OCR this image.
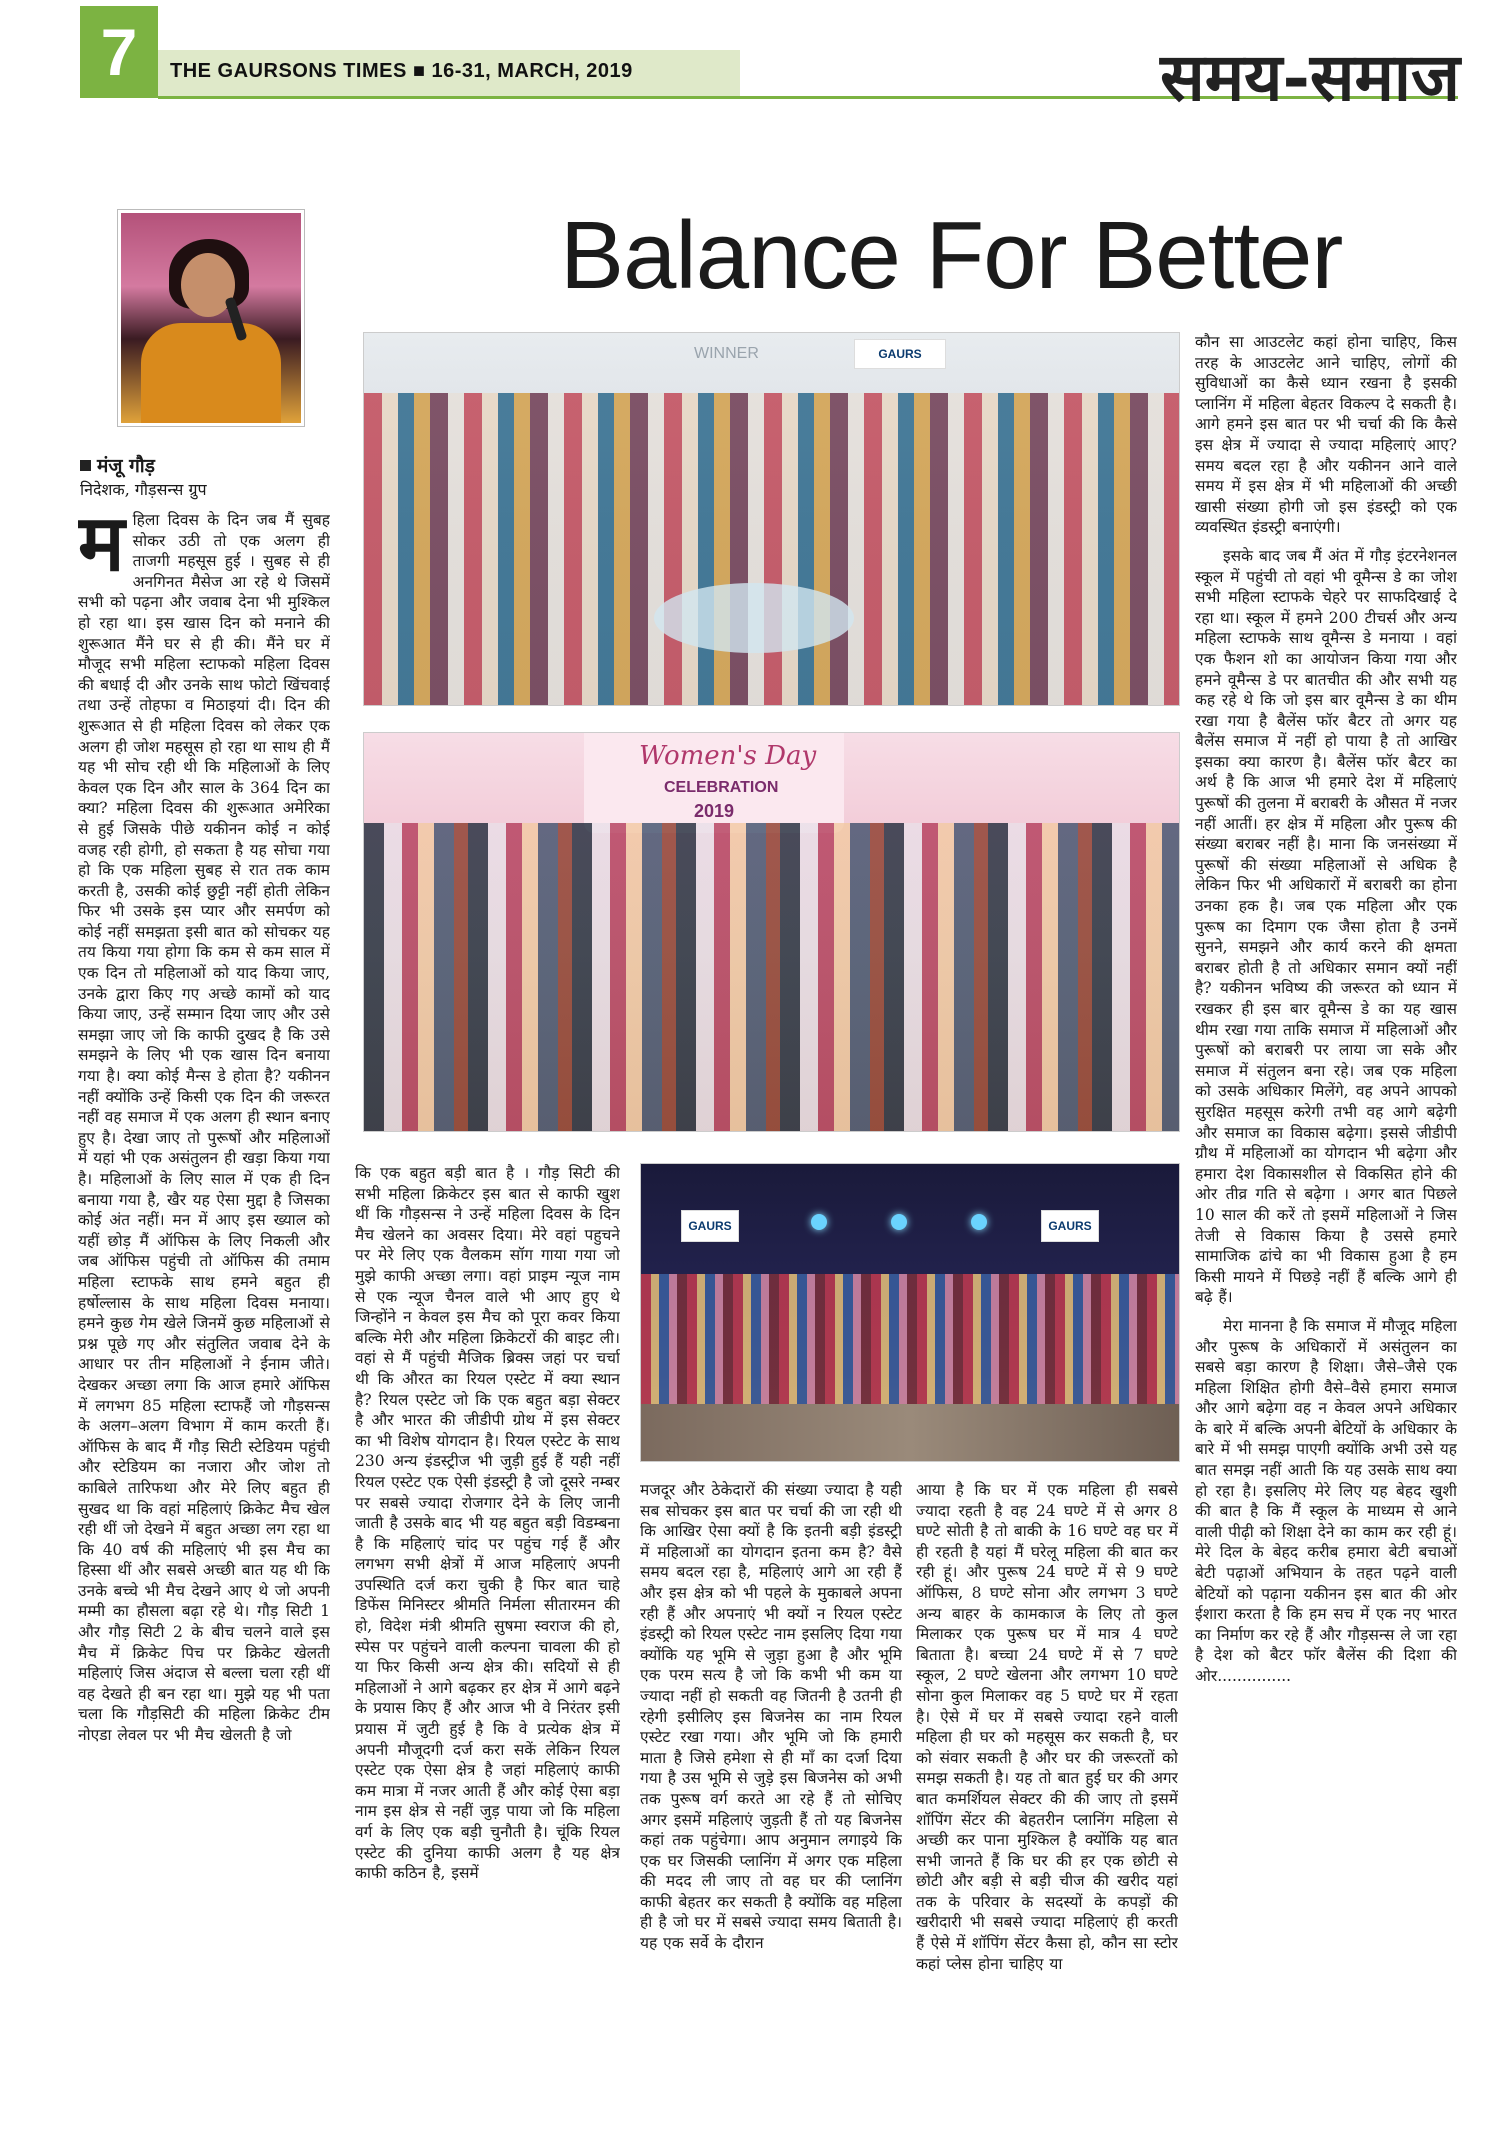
7	THE GAURSONS TIMES ■ 16-31, MARCH, 2019	समय-समाज
Balance For Better
मंजू गौड़
निदेशक, गौड़सन्स ग्रुप
WINNER	GAURS
Women's Day
CELEBRATION
2019
GAURS	GAURS

महिला दिवस के दिन जब मैं सुबह सोकर उठी तो एक अलग ही ताजगी महसूस हुई । सुबह से ही अनगिनत मैसेज आ रहे थे जिसमें सभी को पढ़ना और जवाब देना भी मुश्किल हो रहा था। इस खास दिन को मनाने की शुरूआत मैंने घर से ही की। मैंने घर में मौजूद सभी महिला स्टाफको महिला दिवस की बधाई दी और उनके साथ फोटो खिंचवाई तथा उन्हें तोहफा व मिठाइयां दी। दिन की शुरूआत से ही महिला दिवस को लेकर एक अलग ही जोश महसूस हो रहा था साथ ही मैं यह भी सोच रही थी कि महिलाओं के लिए केवल एक दिन और साल के 364 दिन का क्या? महिला दिवस की शुरूआत अमेरिका से हुई जिसके पीछे यकीनन कोई न कोई वजह रही होगी, हो सकता है यह सोचा गया हो कि एक महिला सुबह से रात तक काम करती है, उसकी कोई छुट्टी नहीं होती लेकिन फिर भी उसके इस प्यार और समर्पण को कोई नहीं समझता इसी बात को सोचकर यह तय किया गया होगा कि कम से कम साल में एक दिन तो महिलाओं को याद किया जाए, उनके द्वारा किए गए अच्छे कामों को याद किया जाए, उन्हें सम्मान दिया जाए और उसे समझा जाए जो कि काफी दुखद है कि उसे समझने के लिए भी एक खास दिन बनाया गया है। क्या कोई मैन्स डे होता है? यकीनन नहीं क्योंकि उन्हें किसी एक दिन की जरूरत नहीं वह समाज में एक अलग ही स्थान बनाए हुए है। देखा जाए तो पुरूषों और महिलाओं में यहां भी एक असंतुलन ही खड़ा किया गया है। महिलाओं के लिए साल में एक ही दिन बनाया गया है, खैर यह ऐसा मुद्दा है जिसका कोई अंत नहीं। मन में आए इस ख्याल को यहीं छोड़ मैं ऑफिस के लिए निकली और जब ऑफिस पहुंची तो ऑफिस की तमाम महिला स्टाफके साथ हमने बहुत ही हर्षोल्लास के साथ महिला दिवस मनाया। हमने कुछ गेम खेले जिनमें कुछ महिलाओं से प्रश्न पूछे गए और संतुलित जवाब देने के आधार पर तीन महिलाओं ने ईनाम जीते। देखकर अच्छा लगा कि आज हमारे ऑफिस में लगभग 85 महिला स्टाफहैं जो गौड़सन्स के अलग–अलग विभाग में काम करती हैं। ऑफिस के बाद मैं गौड़ सिटी स्टेडियम पहुंची और स्टेडियम का नजारा और जोश तो काबिले तारिफथा और मेरे लिए बहुत ही सुखद था कि वहां महिलाएं क्रिकेट मैच खेल रही थीं जो देखने में बहुत अच्छा लग रहा था कि 40 वर्ष की महिलाएं भी इस मैच का हिस्सा थीं और सबसे अच्छी बात यह थी कि उनके बच्चे भी मैच देखने आए थे जो अपनी मम्मी का हौसला बढ़ा रहे थे। गौड़ सिटी 1 और गौड़ सिटी 2 के बीच चलने वाले इस मैच में क्रिकेट पिच पर क्रिकेट खेलती महिलाएं जिस अंदाज से बल्ला चला रही थीं वह देखते ही बन रहा था। मुझे यह भी पता चला कि गौड़सिटी की महिला क्रिकेट टीम नोएडा लेवल पर भी मैच खेलती है जो

कि एक बहुत बड़ी बात है । गौड़ सिटी की सभी महिला क्रिकेटर इस बात से काफी खुश थीं कि गौड़सन्स ने उन्हें महिला दिवस के दिन मैच खेलने का अवसर दिया। मेरे वहां पहुचने पर मेरे लिए एक वैलकम सॉग गाया गया जो मुझे काफी अच्छा लगा। वहां प्राइम न्यूज नाम से एक न्यूज चैनल वाले भी आए हुए थे जिन्होंने न केवल इस मैच को पूरा कवर किया बल्कि मेरी और महिला क्रिकेटरों की बाइट ली। वहां से मैं पहुंची मैजिक ब्रिक्स जहां पर चर्चा थी कि औरत का रियल एस्टेट में क्या स्थान है? रियल एस्टेट जो कि एक बहुत बड़ा सेक्टर है और भारत की जीडीपी ग्रोथ में इस सेक्टर का भी विशेष योगदान है। रियल एस्टेट के साथ 230 अन्य इंडस्ट्रीज भी जुड़ी हुई हैं यही नहीं रियल एस्टेट एक ऐसी इंडस्ट्री है जो दूसरे नम्बर पर सबसे ज्यादा रोजगार देने के लिए जानी जाती है उसके बाद भी यह बहुत बड़ी विडम्बना है कि महिलाएं चांद पर पहुंच गई हैं और लगभग सभी क्षेत्रों में आज महिलाएं अपनी उपस्थिति दर्ज करा चुकी है फिर बात चाहे डिफेंस मिनिस्टर श्रीमति निर्मला सीतारमन की हो, विदेश मंत्री श्रीमति सुषमा स्वराज की हो, स्पेस पर पहुंचने वाली कल्पना चावला की हो या फिर किसी अन्य क्षेत्र की। सदियों से ही महिलाओं ने आगे बढ़कर हर क्षेत्र में आगे बढ़ने के प्रयास किए हैं और आज भी वे निरंतर इसी प्रयास में जुटी हुई है कि वे प्रत्येक क्षेत्र में अपनी मौजूदगी दर्ज करा सकें लेकिन रियल एस्टेट एक ऐसा क्षेत्र है जहां महिलाएं काफी कम मात्रा में नजर आती हैं और कोई ऐसा बड़ा नाम इस क्षेत्र से नहीं जुड़ पाया जो कि महिला वर्ग के लिए एक बड़ी चुनौती है। चूंकि रियल एस्टेट की दुनिया काफी अलग है यह क्षेत्र काफी कठिन है, इसमें

मजदूर और ठेकेदारों की संख्या ज्यादा है यही सब सोचकर इस बात पर चर्चा की जा रही थी कि आखिर ऐसा क्यों है कि इतनी बड़ी इंडस्ट्री में महिलाओं का योगदान इतना कम है? वैसे समय बदल रहा है, महिलाएं आगे आ रही हैं और इस क्षेत्र को भी पहले के मुकाबले अपना रही हैं और अपनाएं भी क्यों न रियल एस्टेट इंडस्ट्री को रियल एस्टेट नाम इसलिए दिया गया क्योंकि यह भूमि से जुड़ा हुआ है और भूमि एक परम सत्य है जो कि कभी भी कम या ज्यादा नहीं हो सकती वह जितनी है उतनी ही रहेगी इसीलिए इस बिजनेस का नाम रियल एस्टेट रखा गया। और भूमि जो कि हमारी माता है जिसे हमेशा से ही माँ का दर्जा दिया गया है उस भूमि से जुड़े इस बिजनेस को अभी तक पुरूष वर्ग करते आ रहे हैं तो सोचिए अगर इसमें महिलाएं जुड़ती हैं तो यह बिजनेस कहां तक पहुंचेगा। आप अनुमान लगाइये कि एक घर जिसकी प्लानिंग में अगर एक महिला की मदद ली जाए तो वह घर की प्लानिंग काफी बेहतर कर सकती है क्योंकि वह महिला ही है जो घर में सबसे ज्यादा समय बिताती है। यह एक सर्वे के दौरान

आया है कि घर में एक महिला ही सबसे ज्यादा रहती है वह 24 घण्टे में से अगर 8 घण्टे सोती है तो बाकी के 16 घण्टे वह घर में ही रहती है यहां मैं घरेलू महिला की बात कर रही हूं। और पुरूष 24 घण्टे में से 9 घण्टे ऑफिस, 8 घण्टे सोना और लगभग 3 घण्टे अन्य बाहर के कामकाज के लिए तो कुल मिलाकर एक पुरूष घर में मात्र 4 घण्टे बिताता है। बच्चा 24 घण्टे में से 7 घण्टे स्कूल, 2 घण्टे खेलना और लगभग 10 घण्टे सोना कुल मिलाकर वह 5 घण्टे घर में रहता है। ऐसे में घर में सबसे ज्यादा रहने वाली महिला ही घर को महसूस कर सकती है, घर को संवार सकती है और घर की जरूरतों को समझ सकती है। यह तो बात हुई घर की अगर बात कमर्शियल सेक्टर की की जाए तो इसमें शॉपिंग सेंटर की बेहतरीन प्लानिंग महिला से अच्छी कर पाना मुश्किल है क्योंकि यह बात सभी जानते हैं कि घर की हर एक छोटी से छोटी और बड़ी से बड़ी चीज की खरीद यहां तक के परिवार के सदस्यों के कपड़ों की खरीदारी भी सबसे ज्यादा महिलाएं ही करती हैं ऐसे में शॉपिंग सेंटर कैसा हो, कौन सा स्टोर कहां प्लेस होना चाहिए या

कौन सा आउटलेट कहां होना चाहिए, किस तरह के आउटलेट आने चाहिए, लोगों की सुविधाओं का कैसे ध्यान रखना है इसकी प्लानिंग में महिला बेहतर विकल्प दे सकती है। आगे हमने इस बात पर भी चर्चा की कि कैसे इस क्षेत्र में ज्यादा से ज्यादा महिलाएं आए? समय बदल रहा है और यकीनन आने वाले समय में इस क्षेत्र में भी महिलाओं की अच्छी खासी संख्या होगी जो इस इंडस्ट्री को एक व्यवस्थित इंडस्ट्री बनाएंगी।

इसके बाद जब मैं अंत में गौड़ इंटरनेशनल स्कूल में पहुंची तो वहां भी वूमैन्स डे का जोश सभी महिला स्टाफके चेहरे पर साफदिखाई दे रहा था। स्कूल में हमने 200 टीचर्स और अन्य महिला स्टाफके साथ वूमैन्स डे मनाया । वहां एक फैशन शो का आयोजन किया गया और हमने वूमैन्स डे पर बातचीत की और सभी यह कह रहे थे कि जो इस बार वूमैन्स डे का थीम रखा गया है बैलेंस फॉर बैटर तो अगर यह बैलेंस समाज में नहीं हो पाया है तो आखिर इसका क्या कारण है। बैलेंस फॉर बैटर का अर्थ है कि आज भी हमारे देश में महिलाएं पुरूषों की तुलना में बराबरी के औसत में नजर नहीं आतीं। हर क्षेत्र में महिला और पुरूष की संख्या बराबर नहीं है। माना कि जनसंख्या में पुरूषों की संख्या महिलाओं से अधिक है लेकिन फिर भी अधिकारों में बराबरी का होना उनका हक है। जब एक महिला और एक पुरूष का दिमाग एक जैसा होता है उनमें सुनने, समझने और कार्य करने की क्षमता बराबर होती है तो अधिकार समान क्यों नहीं है? यकीनन भविष्य की जरूरत को ध्यान में रखकर ही इस बार वूमैन्स डे का यह खास थीम रखा गया ताकि समाज में महिलाओं और पुरूषों को बराबरी पर लाया जा सके और समाज में संतुलन बना रहे। जब एक महिला को उसके अधिकार मिलेंगे, वह अपने आपको सुरक्षित महसूस करेगी तभी वह आगे बढ़ेगी और समाज का विकास बढ़ेगा। इससे जीडीपी ग्रौथ में महिलाओं का योगदान भी बढ़ेगा और हमारा देश विकासशील से विकसित होने की ओर तीव्र गति से बढ़ेगा । अगर बात पिछले 10 साल की करें तो इसमें महिलाओं ने जिस तेजी से विकास किया है उससे हमारे सामाजिक ढांचे का भी विकास हुआ है हम किसी मायने में पिछड़े नहीं हैं बल्कि आगे ही बढ़े हैं।

मेरा मानना है कि समाज में मौजूद महिला और पुरूष के अधिकारों में असंतुलन का सबसे बड़ा कारण है शिक्षा। जैसे–जैसे एक महिला शिक्षित होगी वैसे–वैसे हमारा समाज और आगे बढ़ेगा वह न केवल अपने अधिकार के बारे में बल्कि अपनी बेटियों के अधिकार के बारे में भी समझ पाएगी क्योंकि अभी उसे यह बात समझ नहीं आती कि यह उसके साथ क्या हो रहा है। इसलिए मेरे लिए यह बेहद खुशी की बात है कि मैं स्कूल के माध्यम से आने वाली पीढ़ी को शिक्षा देने का काम कर रही हूं। मेरे दिल के बेहद करीब हमारा बेटी बचाओं बेटी पढ़ाओं अभियान के तहत पढ़ने वाली बेटियों को पढ़ाना यकीनन इस बात की ओर ईशारा करता है कि हम सच में एक नए भारत का निर्माण कर रहे हैं और गौड़सन्स ले जा रहा है देश को बैटर फॉर बैलेंस की दिशा की ओर...............
